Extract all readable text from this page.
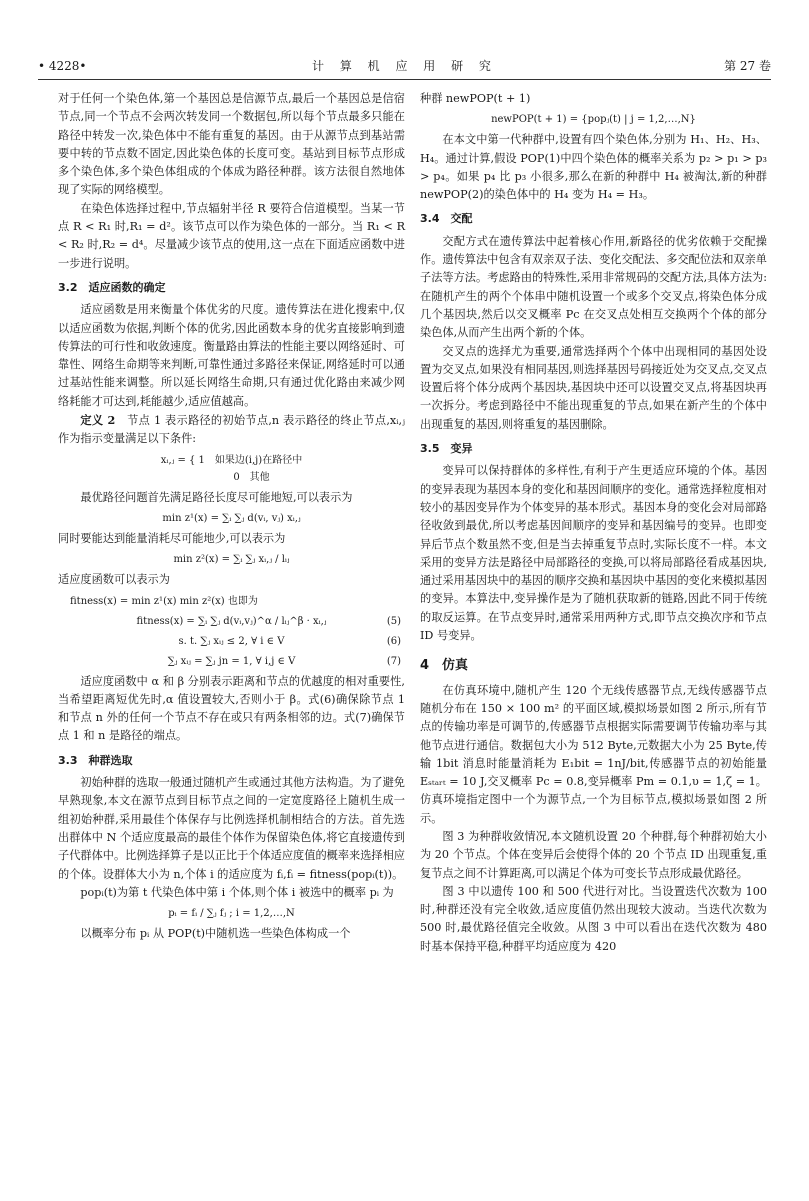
• 4228•	计 算 机 应 用 研 究	第 27 卷

对于任何一个染色体,第一个基因总是信源节点,最后一个基因总是信宿节点,同一个节点不会两次转发同一个数据包,所以每个节点最多只能在路径中转发一次,染色体中不能有重复的基因。由于从源节点到基站需要中转的节点数不固定,因此染色体的长度可变。基站到目标节点形成多个染色体,多个染色体组成的个体成为路径种群。该方法很自然地体现了实际的网络模型。

在染色体选择过程中,节点辐射半径 R 要符合信道模型。当某一节点 R < R₁ 时,R₁ = d²。该节点可以作为染色体的一部分。当 R₁ < R < R₂ 时,R₂ = d⁴。尽量减少该节点的使用,这一点在下面适应函数中进一步进行说明。

3.2　适应函数的确定

适应函数是用来衡量个体优劣的尺度。遗传算法在进化搜索中,仅以适应函数为依据,判断个体的优劣,因此函数本身的优劣直接影响到遗传算法的可行性和收敛速度。衡量路由算法的性能主要以网络延时、可靠性、网络生命期等来判断,可靠性通过多路径来保证,网络延时可以通过基站性能来调整。所以延长网络生命期,只有通过优化路由来减少网络耗能才可达到,耗能越少,适应值越高。

定义 2　 节点 1 表示路径的初始节点,n 表示路径的终止节点,xᵢ,ⱼ作为指示变量满足以下条件:

xᵢ,ⱼ = { 1　如果边(i,j)在路径中
0　其他

最优路径问题首先满足路径长度尽可能地短,可以表示为

min z¹(x) = ∑ᵢ ∑ⱼ d(vᵢ, vⱼ) xᵢ,ⱼ

同时要能达到能量消耗尽可能地少,可以表示为

min z²(x) = ∑ᵢ ∑ⱼ xᵢ,ⱼ / lᵢⱼ

适应度函数可以表示为

fitness(x) = min z¹(x) min z²(x) 也即为
fitness(x) = ∑ᵢ ∑ⱼ d(vᵢ,vⱼ)^α / lᵢⱼ^β · xᵢ,ⱼ	(5)
s. t. ∑ⱼ xᵢⱼ ≤ 2, ∀ i ∈ V	(6)
∑ⱼ xᵢⱼ = ∑ⱼ jn = 1, ∀ i,j ∈ V	(7)

适应度函数中 α 和 β 分别表示距离和节点的优越度的相对重要性,当希望距离短优先时,α 值设置较大,否则小于 β。式(6)确保除节点 1 和节点 n 外的任何一个节点不存在或只有两条相邻的边。式(7)确保节点 1 和 n 是路径的端点。

3.3　种群选取

初始种群的选取一般通过随机产生或通过其他方法构造。为了避免早熟现象,本文在源节点到目标节点之间的一定宽度路径上随机生成一组初始种群,采用最佳个体保存与比例选择机制相结合的方法。首先选出群体中 N 个适应度最高的最佳个体作为保留染色体,将它直接遗传到子代群体中。比例选择算子是以正比于个体适应度值的概率来选择相应的个体。设群体大小为 n,个体 i 的适应度为 fᵢ,fᵢ = fitness(popᵢ(t))。

popᵢ(t)为第 t 代染色体中第 i 个体,则个体 i 被选中的概率 pᵢ 为

pᵢ = fᵢ / ∑ⱼ fⱼ ; i = 1,2,…,N

以概率分布 pᵢ 从 POP(t)中随机选一些染色体构成一个

种群 newPOP(t + 1)

newPOP(t + 1) = {popⱼ(t) | j = 1,2,…,N}

在本文中第一代种群中,设置有四个染色体,分别为 H₁、H₂、H₃、H₄。通过计算,假设 POP(1)中四个染色体的概率关系为 p₂ > p₁ > p₃ > p₄。如果 p₄ 比 p₃ 小很多,那么在新的种群中 H₄ 被淘汰,新的种群 newPOP(2)的染色体中的 H₄ 变为 H₄ = H₃。

3.4　交配

交配方式在遗传算法中起着核心作用,新路径的优劣依赖于交配操作。遗传算法中包含有双亲双子法、变化交配法、多交配位法和双亲单子法等方法。考虑路由的特殊性,采用非常规码的交配方法,具体方法为:在随机产生的两个个体串中随机设置一个或多个交叉点,将染色体分成几个基因块,然后以交叉概率 Pc 在交叉点处相互交换两个个体的部分染色体,从而产生出两个新的个体。

交叉点的选择尤为重要,通常选择两个个体中出现相同的基因处设置为交叉点,如果没有相同基因,则选择基因号码接近处为交叉点,交叉点设置后将个体分成两个基因块,基因块中还可以设置交叉点,将基因块再一次拆分。考虑到路径中不能出现重复的节点,如果在新产生的个体中出现重复的基因,则将重复的基因删除。

3.5　变异

变异可以保持群体的多样性,有利于产生更适应环境的个体。基因的变异表现为基因本身的变化和基因间顺序的变化。通常选择粒度相对较小的基因变异作为个体变异的基本形式。基因本身的变化会对局部路径收敛到最优,所以考虑基因间顺序的变异和基因编号的变异。也即变异后节点个数虽然不变,但是当去掉重复节点时,实际长度不一样。本文采用的变异方法是路径中局部路径的变换,可以将局部路径看成基因块,通过采用基因块中的基因的顺序交换和基因块中基因的变化来模拟基因的变异。本算法中,变异操作是为了随机获取新的链路,因此不同于传统的取反运算。在节点变异时,通常采用两种方式,即节点交换次序和节点 ID 号变异。

4　仿真

在仿真环境中,随机产生 120 个无线传感器节点,无线传感器节点随机分布在 150 × 100 m² 的平面区域,模拟场景如图 2 所示,所有节点的传输功率是可调节的,传感器节点根据实际需要调节传输功率与其他节点进行通信。数据包大小为 512 Byte,元数据大小为 25 Byte,传输 1bit 消息时能量消耗为 E₁bit = 1nJ/bit,传感器节点的初始能量 Eₛₜₐᵣₜ = 10 J,交叉概率 Pc = 0.8,变异概率 Pm = 0.1,υ = 1,ζ = 1。仿真环境指定图中一个为源节点,一个为目标节点,模拟场景如图 2 所示。

图 3 为种群收敛情况,本文随机设置 20 个种群,每个种群初始大小为 20 个节点。个体在变异后会使得个体的 20 个节点 ID 出现重复,重复节点之间不计算距离,可以满足个体为可变长节点形成最优路径。

图 3 中以遗传 100 和 500 代进行对比。当设置迭代次数为 100 时,种群还没有完全收敛,适应度值仍然出现较大波动。当迭代次数为 500 时,最优路径值完全收敛。从图 3 中可以看出在迭代次数为 480 时基本保持平稳,种群平均适应度为 420
